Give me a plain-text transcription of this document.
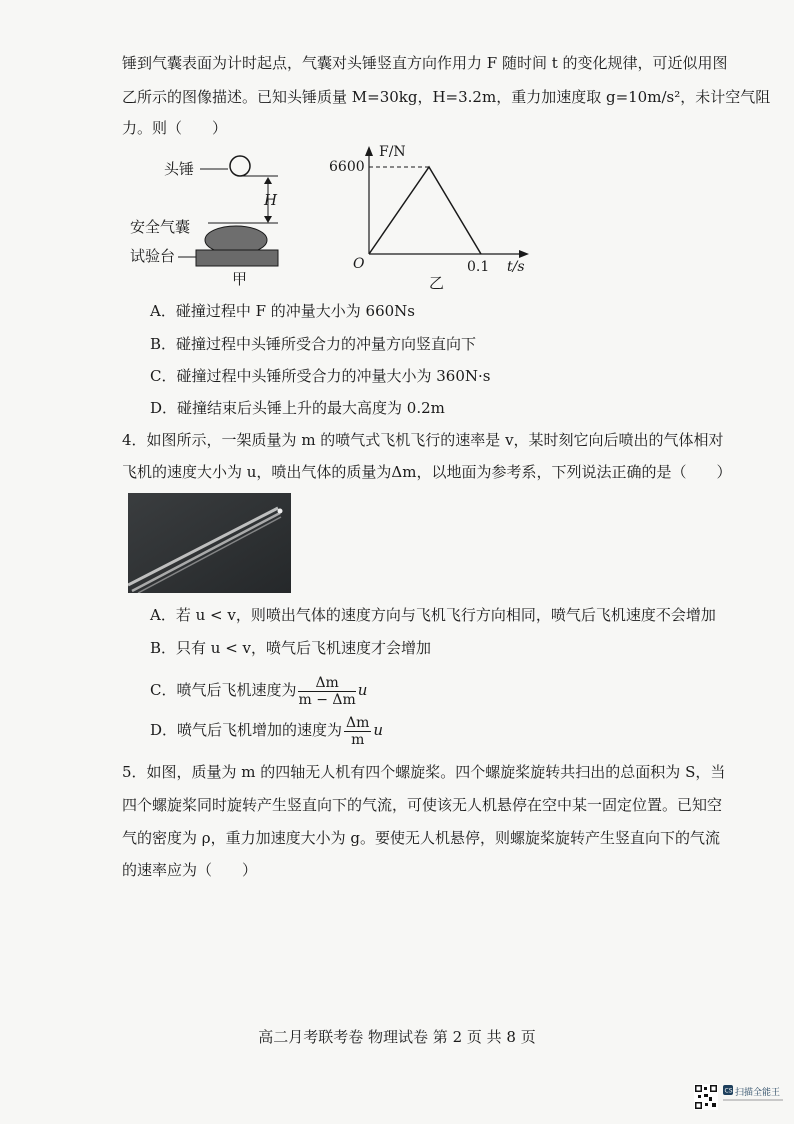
锤到气囊表面为计时起点，气囊对头锤竖直方向作用力 F 随时间 t 的变化规律，可近似用图
乙所示的图像描述。已知头锤质量 M=30kg，H=3.2m，重力加速度取 g=10m/s²，未计空气阻
力。则（　　）
头锤
H
安全气囊
试验台
甲
F/N
6600
O	0.1 t/s
乙
A．碰撞过程中 F 的冲量大小为 660Ns
B．碰撞过程中头锤所受合力的冲量方向竖直向下
C．碰撞过程中头锤所受合力的冲量大小为 360N·s
D．碰撞结束后头锤上升的最大高度为 0.2m
4．如图所示，一架质量为 m 的喷气式飞机飞行的速率是 v，某时刻它向后喷出的气体相对
飞机的速度大小为 u，喷出气体的质量为Δm，以地面为参考系，下列说法正确的是（　　）
A．若 u < v，则喷出气体的速度方向与飞机飞行方向相同，喷气后飞机速度不会增加
B．只有 u < v，喷气后飞机速度才会增加
C．喷气后飞机速度为 $\frac{\Delta m}{m - \Delta m}$ u
D．喷气后飞机增加的速度为 $\frac{\Delta m}{m}$ u
5．如图，质量为 m 的四轴无人机有四个螺旋桨。四个螺旋桨旋转共扫出的总面积为 S，当
四个螺旋桨同时旋转产生竖直向下的气流，可使该无人机悬停在空中某一固定位置。已知空
气的密度为 ρ，重力加速度大小为 g。要使无人机悬停，则螺旋桨旋转产生竖直向下的气流
的速率应为（　　）
高二月考联考卷 物理试卷 第 2 页 共 8 页
CS 扫描全能王
